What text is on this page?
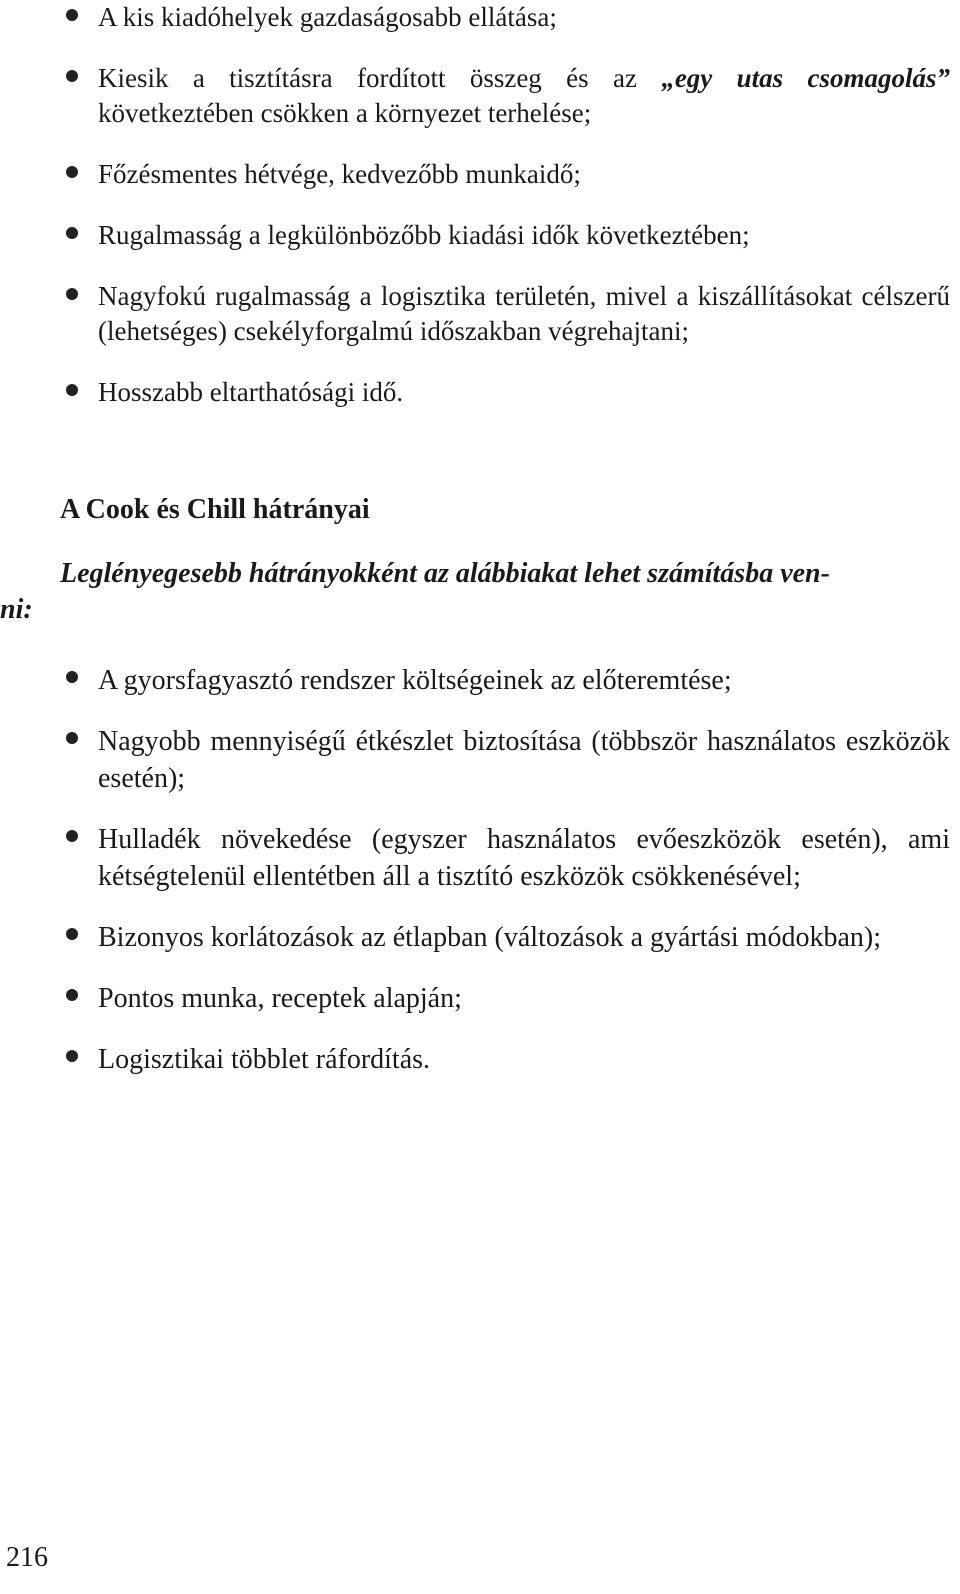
A kis kiadóhelyek gazdaságosabb ellátása;
Kiesik a tisztításra fordított összeg és az „egy utas csomagolás” következtében csökken a környezet terhelése;
Főzésmentes hétvége, kedvezőbb munkaidő;
Rugalmasság a legkülönbözőbb kiadási idők következtében;
Nagyfokú rugalmasság a logisztika területén, mivel a kiszállításokat célszerű (lehetséges) csekélyforgalmú időszakban végrehajtani;
Hosszabb eltarthatósági idő.
A Cook és Chill hátrányai
Leglényegesebb hátrányokként az alábbiakat lehet számításba ven-
ni:
A gyorsfagyasztó rendszer költségeinek az előteremtése;
Nagyobb mennyiségű étkészlet biztosítása (többször használatos eszközök esetén);
Hulladék növekedése (egyszer használatos evőeszközök esetén), ami kétségtelenül ellentétben áll a tisztító eszközök csökkenésével;
Bizonyos korlátozások az étlapban (változások a gyártási módokban);
Pontos munka, receptek alapján;
Logisztikai többlet ráfordítás.
216
